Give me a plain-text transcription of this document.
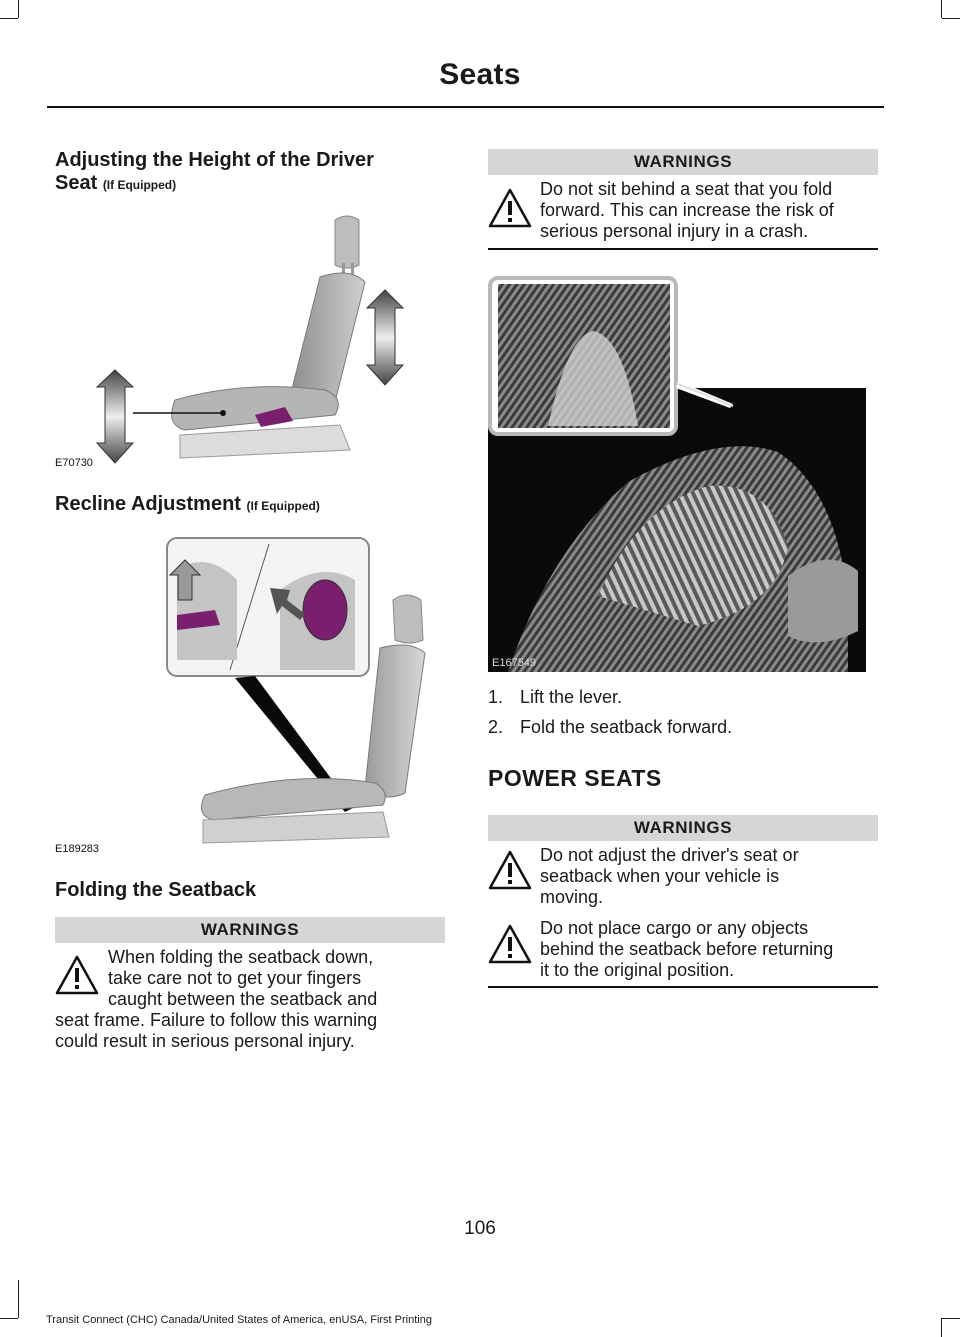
Seats
Adjusting the Height of the Driver
Seat (If Equipped)
E70730
Recline Adjustment (If Equipped)
E189283
Folding the Seatback
WARNINGS
When folding the seatback down,
take care not to get your fingers
caught between the seatback and
seat frame. Failure to follow this warning
could result in serious personal injury.
WARNINGS
Do not sit behind a seat that you fold
forward. This can increase the risk of
serious personal injury in a crash.
E167549
1. Lift the lever.
2. Fold the seatback forward.
POWER SEATS
WARNINGS
Do not adjust the driver's seat or
seatback when your vehicle is
moving.
Do not place cargo or any objects
behind the seatback before returning
it to the original position.
106
Transit Connect (CHC) Canada/United States of America, enUSA, First Printing
